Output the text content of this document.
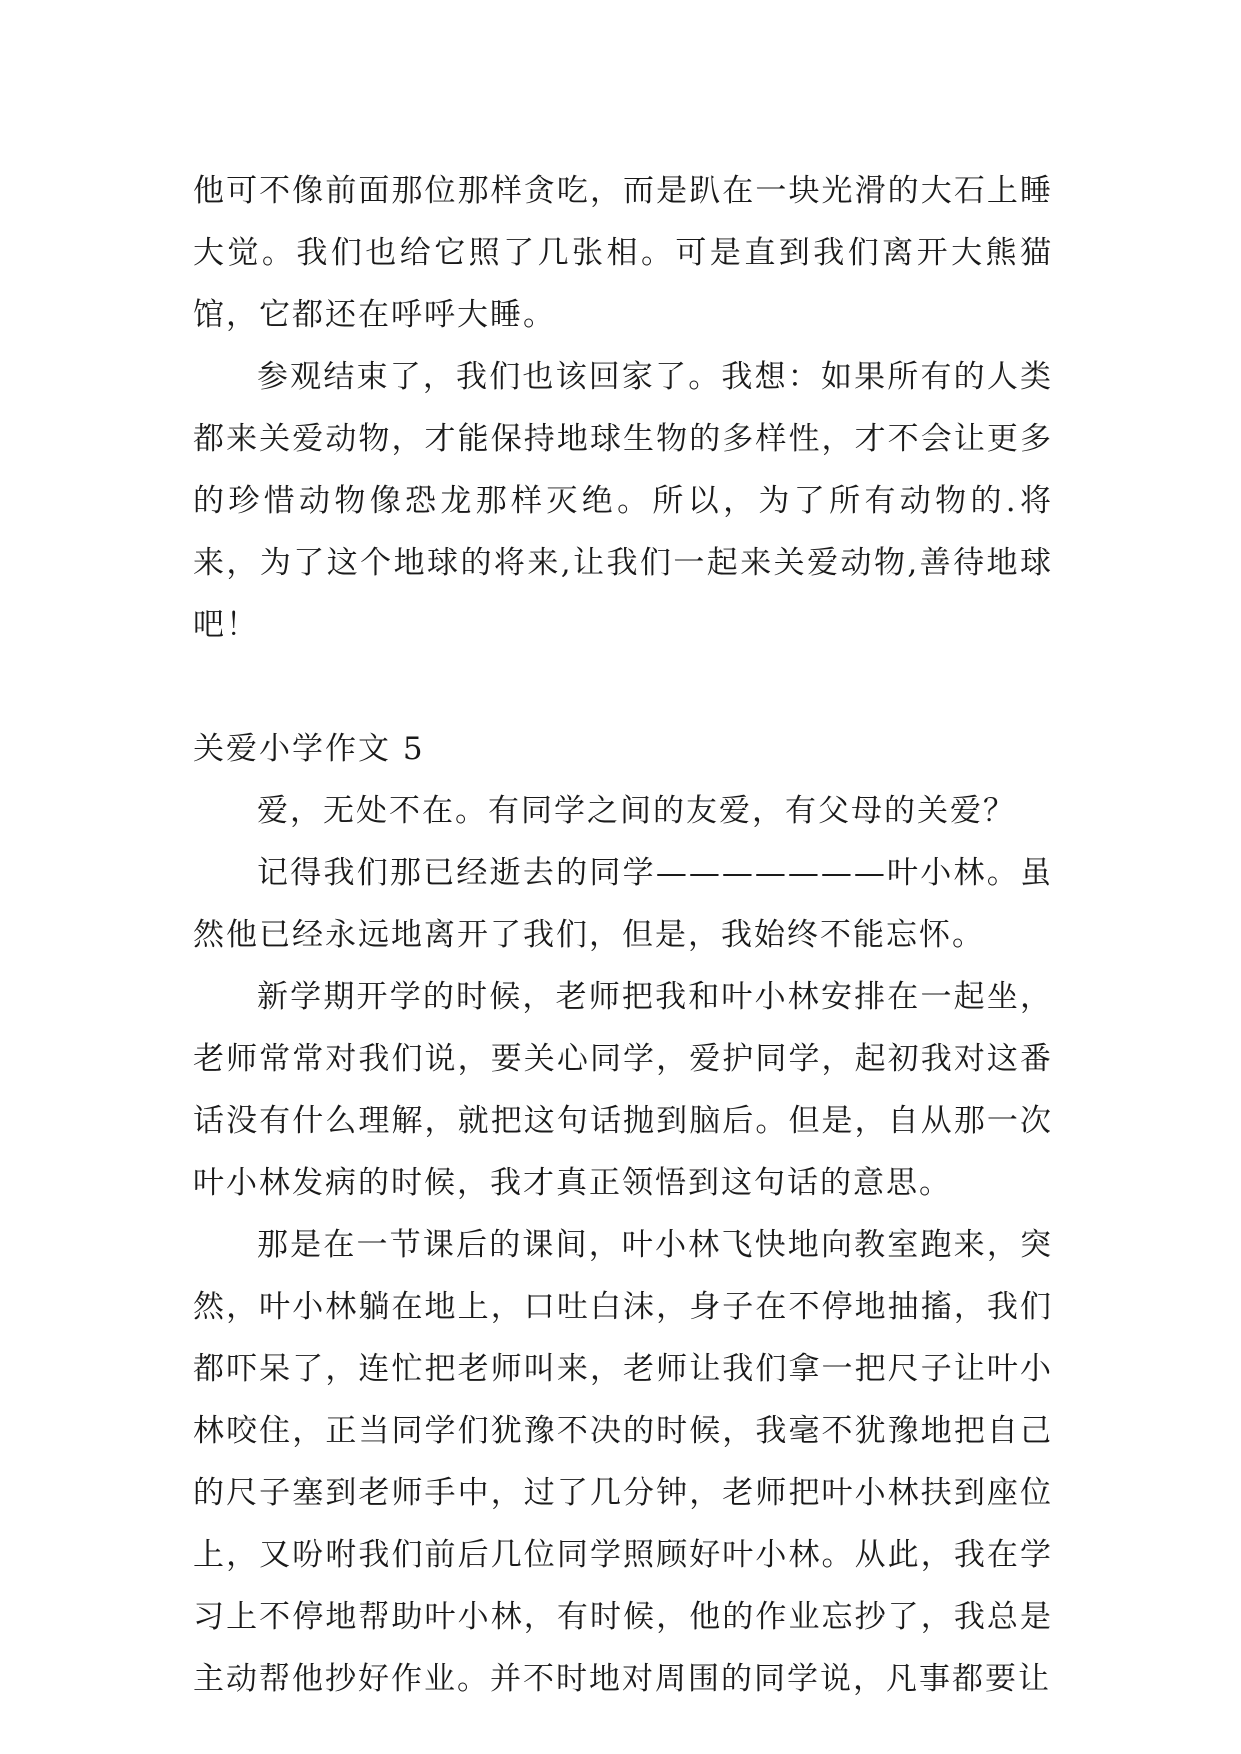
他可不像前面那位那样贪吃，而是趴在一块光滑的大石上睡大觉。我们也给它照了几张相。可是直到我们离开大熊猫馆，它都还在呼呼大睡。

参观结束了，我们也该回家了。我想：如果所有的人类都来关爱动物，才能保持地球生物的多样性，才不会让更多的珍惜动物像恐龙那样灭绝。所以，为了所有动物的.将来，为了这个地球的将来,让我们一起来关爱动物,善待地球吧！

关爱小学作文 5

爱，无处不在。有同学之间的友爱，有父母的关爱？

记得我们那已经逝去的同学———————叶小林。虽然他已经永远地离开了我们，但是，我始终不能忘怀。

新学期开学的时候，老师把我和叶小林安排在一起坐，老师常常对我们说，要关心同学，爱护同学，起初我对这番话没有什么理解，就把这句话抛到脑后。但是，自从那一次叶小林发病的时候，我才真正领悟到这句话的意思。

那是在一节课后的课间，叶小林飞快地向教室跑来，突然，叶小林躺在地上，口吐白沫，身子在不停地抽搐，我们都吓呆了，连忙把老师叫来，老师让我们拿一把尺子让叶小林咬住，正当同学们犹豫不决的时候，我毫不犹豫地把自己的尺子塞到老师手中，过了几分钟，老师把叶小林扶到座位上，又吩咐我们前后几位同学照顾好叶小林。从此，我在学习上不停地帮助叶小林，有时候，他的作业忘抄了，我总是主动帮他抄好作业。并不时地对周围的同学说，凡事都要让
